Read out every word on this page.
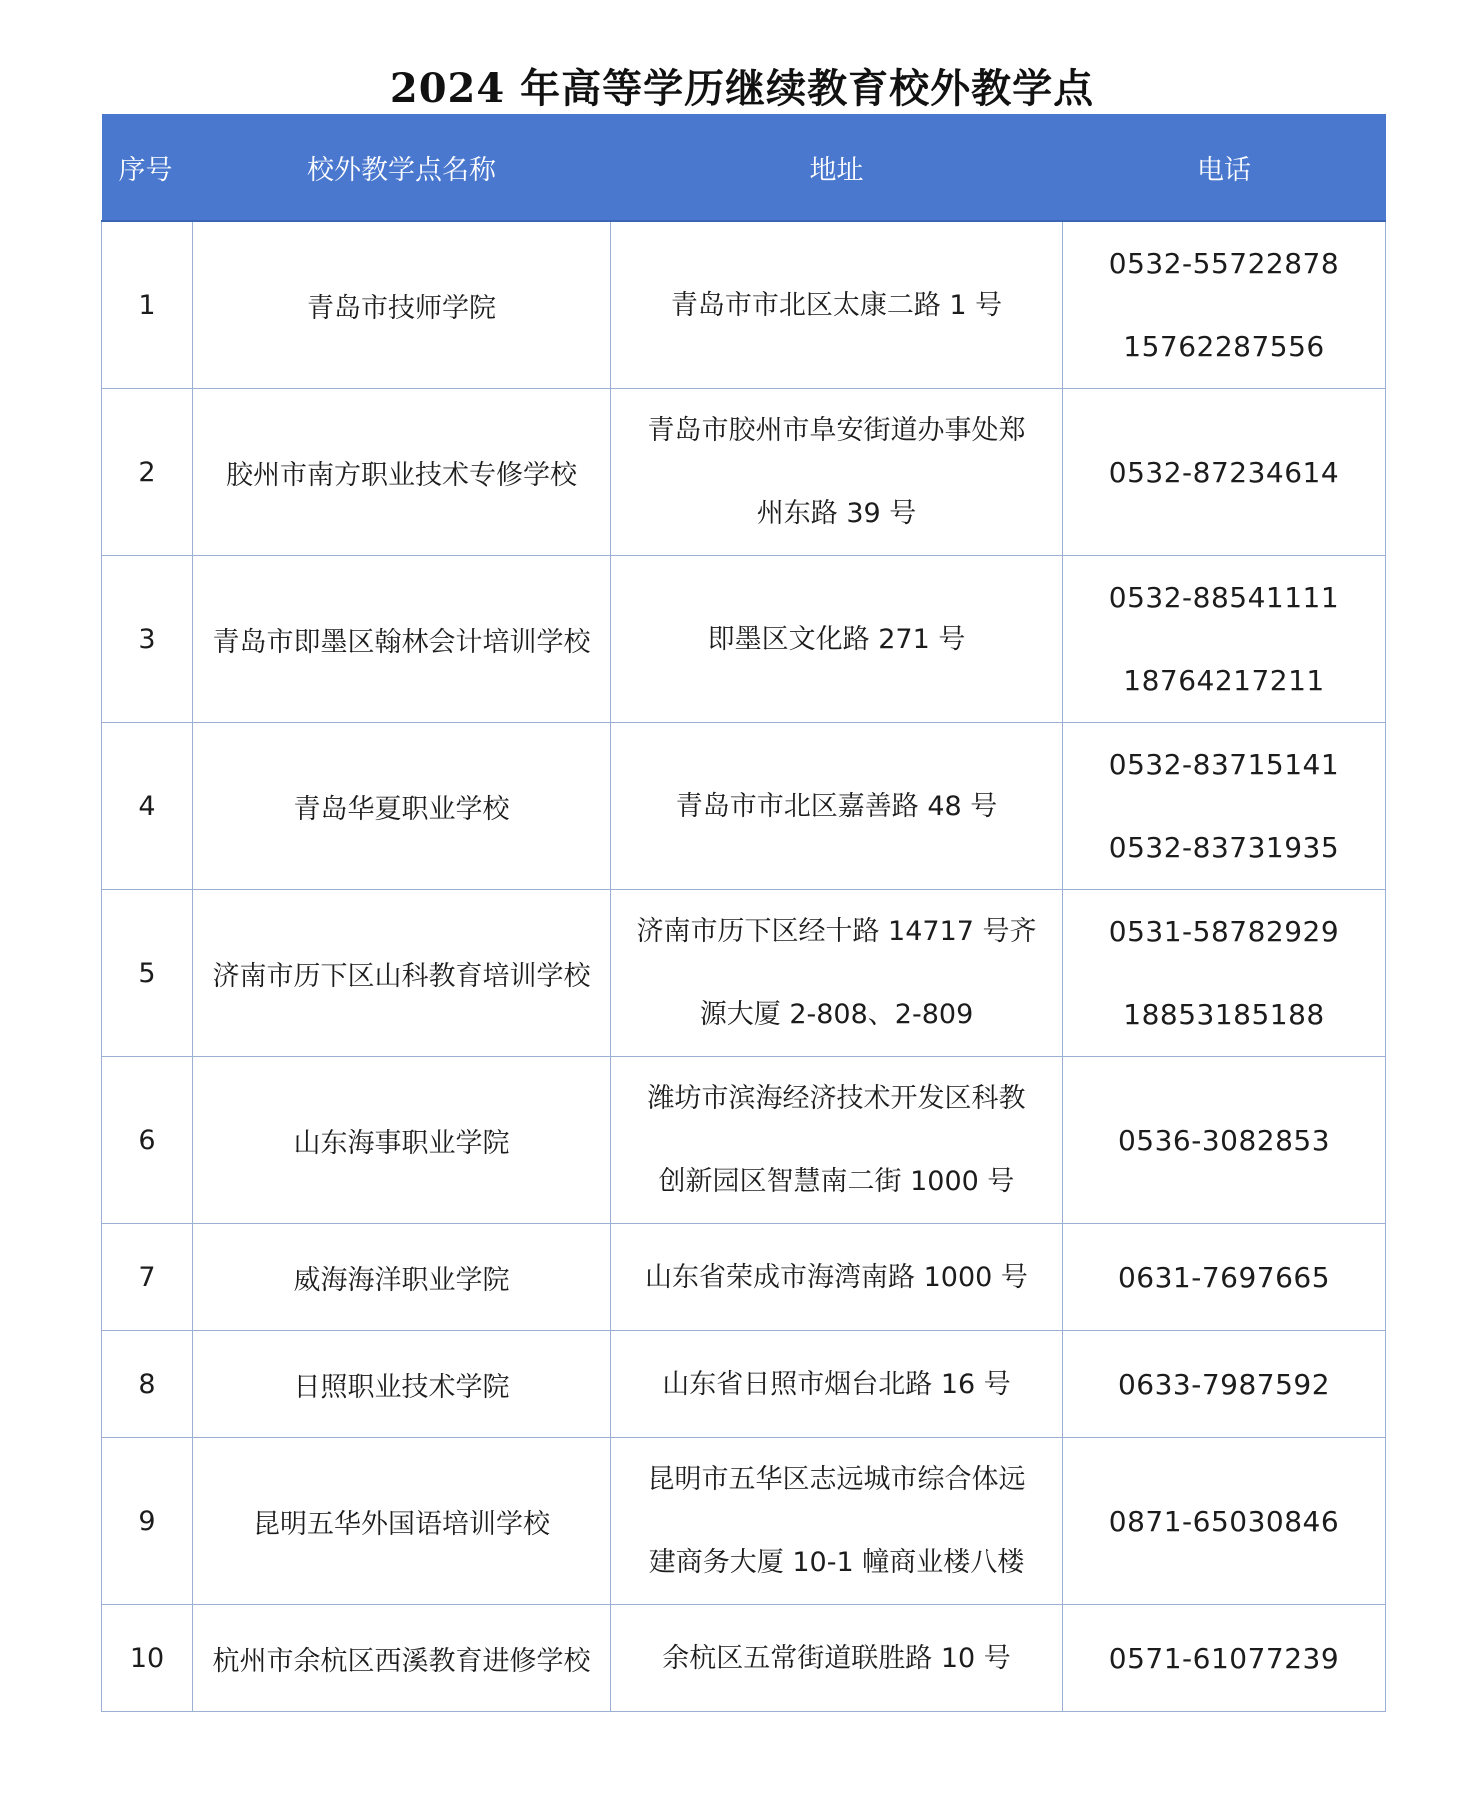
2024 年高等学历继续教育校外教学点
序号	校外教学点名称	地址	电话
1	青岛市技师学院	青岛市市北区太康二路 1 号	0532-55722878
15762287556

2	胶州市南方职业技术专修学校	青岛市胶州市阜安街道办事处郑
州东路 39 号	0532-87234614

3	青岛市即墨区翰林会计培训学校	即墨区文化路 271 号	0532-88541111
18764217211

4	青岛华夏职业学校	青岛市市北区嘉善路 48 号	0532-83715141
0532-83731935

5	济南市历下区山科教育培训学校	济南市历下区经十路 14717 号齐
源大厦 2-808、2-809	0531-58782929
18853185188

6	山东海事职业学院	潍坊市滨海经济技术开发区科教
创新园区智慧南二街 1000 号	0536-3082853

7	威海海洋职业学院	山东省荣成市海湾南路 1000 号	0631-7697665

8	日照职业技术学院	山东省日照市烟台北路 16 号	0633-7987592

9	昆明五华外国语培训学校	昆明市五华区志远城市综合体远
建商务大厦 10-1 幢商业楼八楼	0871-65030846

10	杭州市余杭区西溪教育进修学校	余杭区五常街道联胜路 10 号	0571-61077239
